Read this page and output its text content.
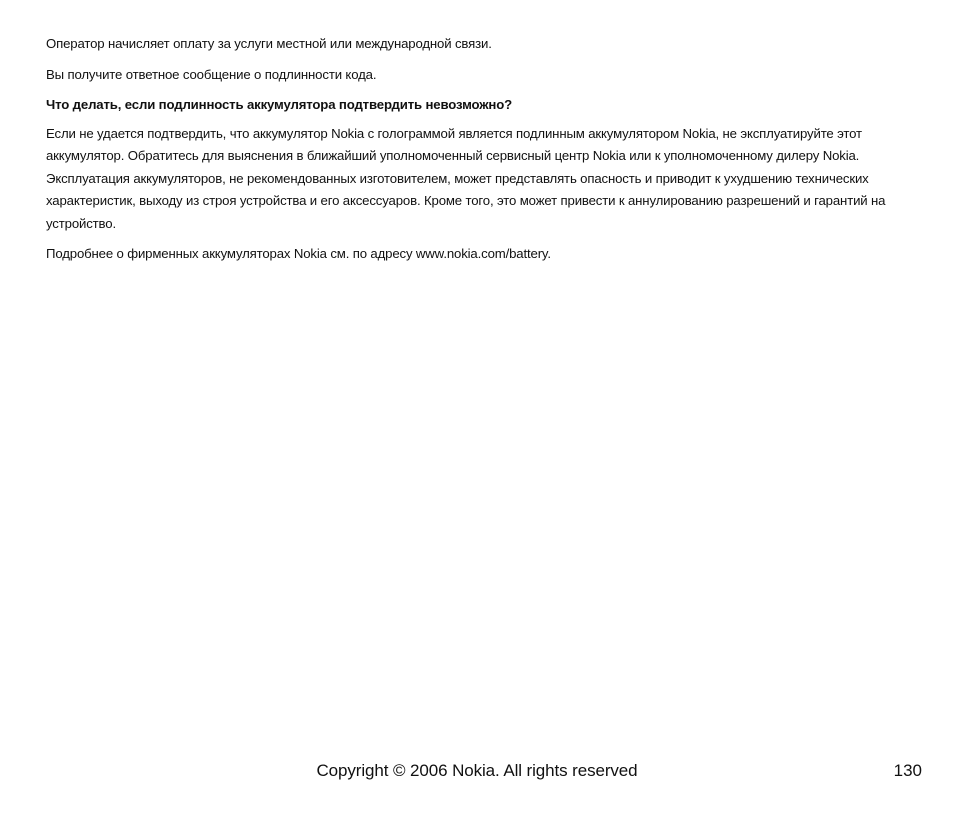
Оператор начисляет оплату за услуги местной или международной связи.

Вы получите ответное сообщение о подлинности кода.

Что делать, если подлинность аккумулятора подтвердить невозможно?

Если не удается подтвердить, что аккумулятор Nokia с голограммой является подлинным аккумулятором Nokia, не эксплуатируйте этот аккумулятор. Обратитесь для выяснения в ближайший уполномоченный сервисный центр Nokia или к уполномоченному дилеру Nokia. Эксплуатация аккумуляторов, не рекомендованных изготовителем, может представлять опасность и приводит к ухудшению технических характеристик, выходу из строя устройства и его аксессуаров. Кроме того, это может привести к аннулированию разрешений и гарантий на устройство.

Подробнее о фирменных аккумуляторах Nokia см. по адресу www.nokia.com/battery.

Copyright © 2006 Nokia. All rights reserved	130
